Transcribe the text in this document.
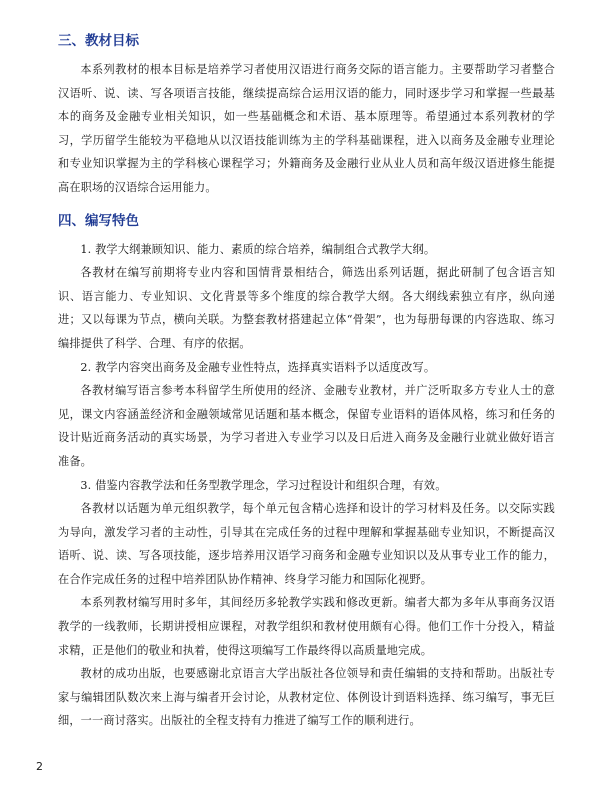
三、教材目标

本系列教材的根本目标是培养学习者使用汉语进行商务交际的语言能力。主要帮助学习者整合汉语听、说、读、写各项语言技能，继续提高综合运用汉语的能力，同时逐步学习和掌握一些最基本的商务及金融专业相关知识，如一些基础概念和术语、基本原理等。希望通过本系列教材的学习，学历留学生能较为平稳地从以汉语技能训练为主的学科基础课程，进入以商务及金融专业理论和专业知识掌握为主的学科核心课程学习；外籍商务及金融行业从业人员和高年级汉语进修生能提高在职场的汉语综合运用能力。

四、编写特色

1. 教学大纲兼顾知识、能力、素质的综合培养，编制组合式教学大纲。

各教材在编写前期将专业内容和国情背景相结合，筛选出系列话题，据此研制了包含语言知识、语言能力、专业知识、文化背景等多个维度的综合教学大纲。各大纲线索独立有序，纵向递进；又以每课为节点，横向关联。为整套教材搭建起立体“骨架”，也为每册每课的内容选取、练习编排提供了科学、合理、有序的依据。

2. 教学内容突出商务及金融专业性特点，选择真实语料予以适度改写。

各教材编写语言参考本科留学生所使用的经济、金融专业教材，并广泛听取多方专业人士的意见，课文内容涵盖经济和金融领域常见话题和基本概念，保留专业语料的语体风格，练习和任务的设计贴近商务活动的真实场景，为学习者进入专业学习以及日后进入商务及金融行业就业做好语言准备。

3. 借鉴内容教学法和任务型教学理念，学习过程设计和组织合理，有效。

各教材以话题为单元组织教学，每个单元包含精心选择和设计的学习材料及任务。以交际实践为导向，激发学习者的主动性，引导其在完成任务的过程中理解和掌握基础专业知识，不断提高汉语听、说、读、写各项技能，逐步培养用汉语学习商务和金融专业知识以及从事专业工作的能力，在合作完成任务的过程中培养团队协作精神、终身学习能力和国际化视野。

本系列教材编写用时多年，其间经历多轮教学实践和修改更新。编者大都为多年从事商务汉语教学的一线教师，长期讲授相应课程，对教学组织和教材使用颇有心得。他们工作十分投入，精益求精，正是他们的敬业和执着，使得这项编写工作最终得以高质量地完成。

教材的成功出版，也要感谢北京语言大学出版社各位领导和责任编辑的支持和帮助。出版社专家与编辑团队数次来上海与编者开会讨论，从教材定位、体例设计到语料选择、练习编写，事无巨细，一一商讨落实。出版社的全程支持有力推进了编写工作的顺利进行。

2
